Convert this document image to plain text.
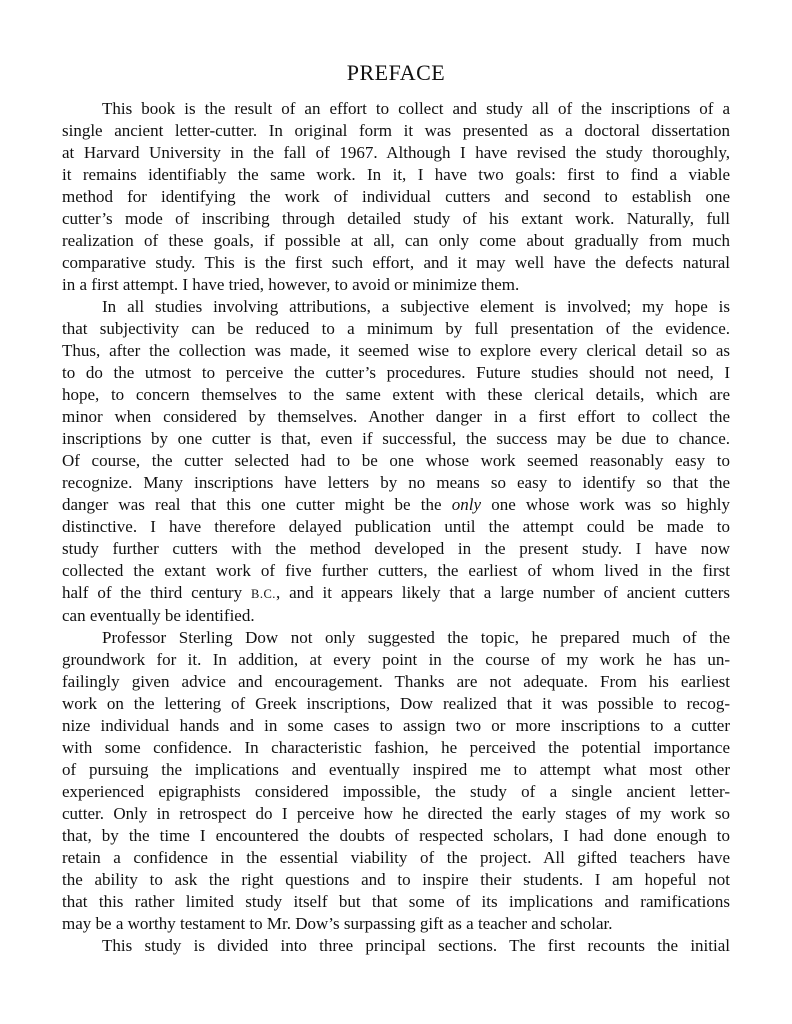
PREFACE
This book is the result of an effort to collect and study all of the inscriptions of a
single ancient letter-cutter. In original form it was presented as a doctoral dissertation
at Harvard University in the fall of 1967. Although I have revised the study thoroughly,
it remains identifiably the same work. In it, I have two goals: first to find a viable
method for identifying the work of individual cutters and second to establish one
cutter’s mode of inscribing through detailed study of his extant work. Naturally, full
realization of these goals, if possible at all, can only come about gradually from much
comparative study. This is the first such effort, and it may well have the defects natural
in a first attempt. I have tried, however, to avoid or minimize them.
In all studies involving attributions, a subjective element is involved; my hope is
that subjectivity can be reduced to a minimum by full presentation of the evidence.
Thus, after the collection was made, it seemed wise to explore every clerical detail so as
to do the utmost to perceive the cutter’s procedures. Future studies should not need, I
hope, to concern themselves to the same extent with these clerical details, which are
minor when considered by themselves. Another danger in a first effort to collect the
inscriptions by one cutter is that, even if successful, the success may be due to chance.
Of course, the cutter selected had to be one whose work seemed reasonably easy to
recognize. Many inscriptions have letters by no means so easy to identify so that the
danger was real that this one cutter might be the only one whose work was so highly
distinctive. I have therefore delayed publication until the attempt could be made to
study further cutters with the method developed in the present study. I have now
collected the extant work of five further cutters, the earliest of whom lived in the first
half of the third century B.C., and it appears likely that a large number of ancient cutters
can eventually be identified.
Professor Sterling Dow not only suggested the topic, he prepared much of the
groundwork for it. In addition, at every point in the course of my work he has un-
failingly given advice and encouragement. Thanks are not adequate. From his earliest
work on the lettering of Greek inscriptions, Dow realized that it was possible to recog-
nize individual hands and in some cases to assign two or more inscriptions to a cutter
with some confidence. In characteristic fashion, he perceived the potential importance
of pursuing the implications and eventually inspired me to attempt what most other
experienced epigraphists considered impossible, the study of a single ancient letter-
cutter. Only in retrospect do I perceive how he directed the early stages of my work so
that, by the time I encountered the doubts of respected scholars, I had done enough to
retain a confidence in the essential viability of the project. All gifted teachers have
the ability to ask the right questions and to inspire their students. I am hopeful not
that this rather limited study itself but that some of its implications and ramifications
may be a worthy testament to Mr. Dow’s surpassing gift as a teacher and scholar.
This study is divided into three principal sections. The first recounts the initial
